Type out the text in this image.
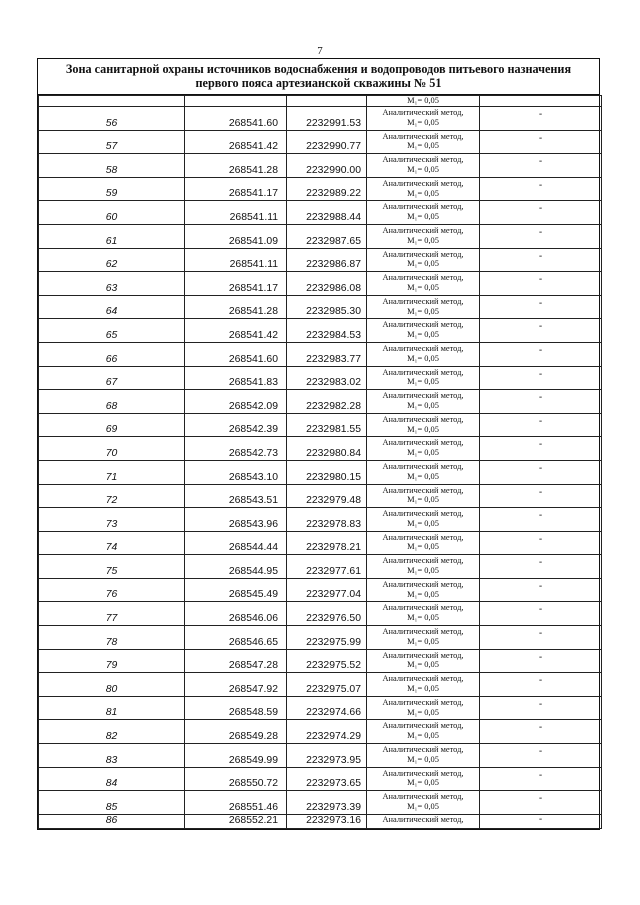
7
Зона санитарной охраны источников водоснабжения и водопроводов питьевого назначения
первого пояса артезианской скважины № 51

			M₁= 0,05	

56	268541.60	2232991.53	Аналитический метод,
M₁= 0,05	-
57	268541.42	2232990.77	Аналитический метод,
M₁= 0,05	-
58	268541.28	2232990.00	Аналитический метод,
M₁= 0,05	-
59	268541.17	2232989.22	Аналитический метод,
M₁= 0,05	-
60	268541.11	2232988.44	Аналитический метод,
M₁= 0,05	-
61	268541.09	2232987.65	Аналитический метод,
M₁= 0,05	-
62	268541.11	2232986.87	Аналитический метод,
M₁= 0,05	-
63	268541.17	2232986.08	Аналитический метод,
M₁= 0,05	-
64	268541.28	2232985.30	Аналитический метод,
M₁= 0,05	-
65	268541.42	2232984.53	Аналитический метод,
M₁= 0,05	-
66	268541.60	2232983.77	Аналитический метод,
M₁= 0,05	-
67	268541.83	2232983.02	Аналитический метод,
M₁= 0,05	-
68	268542.09	2232982.28	Аналитический метод,
M₁= 0,05	-
69	268542.39	2232981.55	Аналитический метод,
M₁= 0,05	-
70	268542.73	2232980.84	Аналитический метод,
M₁= 0,05	-
71	268543.10	2232980.15	Аналитический метод,
M₁= 0,05	-
72	268543.51	2232979.48	Аналитический метод,
M₁= 0,05	-
73	268543.96	2232978.83	Аналитический метод,
M₁= 0,05	-
74	268544.44	2232978.21	Аналитический метод,
M₁= 0,05	-
75	268544.95	2232977.61	Аналитический метод,
M₁= 0,05	-
76	268545.49	2232977.04	Аналитический метод,
M₁= 0,05	-
77	268546.06	2232976.50	Аналитический метод,
M₁= 0,05	-
78	268546.65	2232975.99	Аналитический метод,
M₁= 0,05	-
79	268547.28	2232975.52	Аналитический метод,
M₁= 0,05	-
80	268547.92	2232975.07	Аналитический метод,
M₁= 0,05	-
81	268548.59	2232974.66	Аналитический метод,
M₁= 0,05	-
82	268549.28	2232974.29	Аналитический метод,
M₁= 0,05	-
83	268549.99	2232973.95	Аналитический метод,
M₁= 0,05	-
84	268550.72	2232973.65	Аналитический метод,
M₁= 0,05	-
85	268551.46	2232973.39	Аналитический метод,
M₁= 0,05	-
86	268552.21	2232973.16	Аналитический метод,	-
